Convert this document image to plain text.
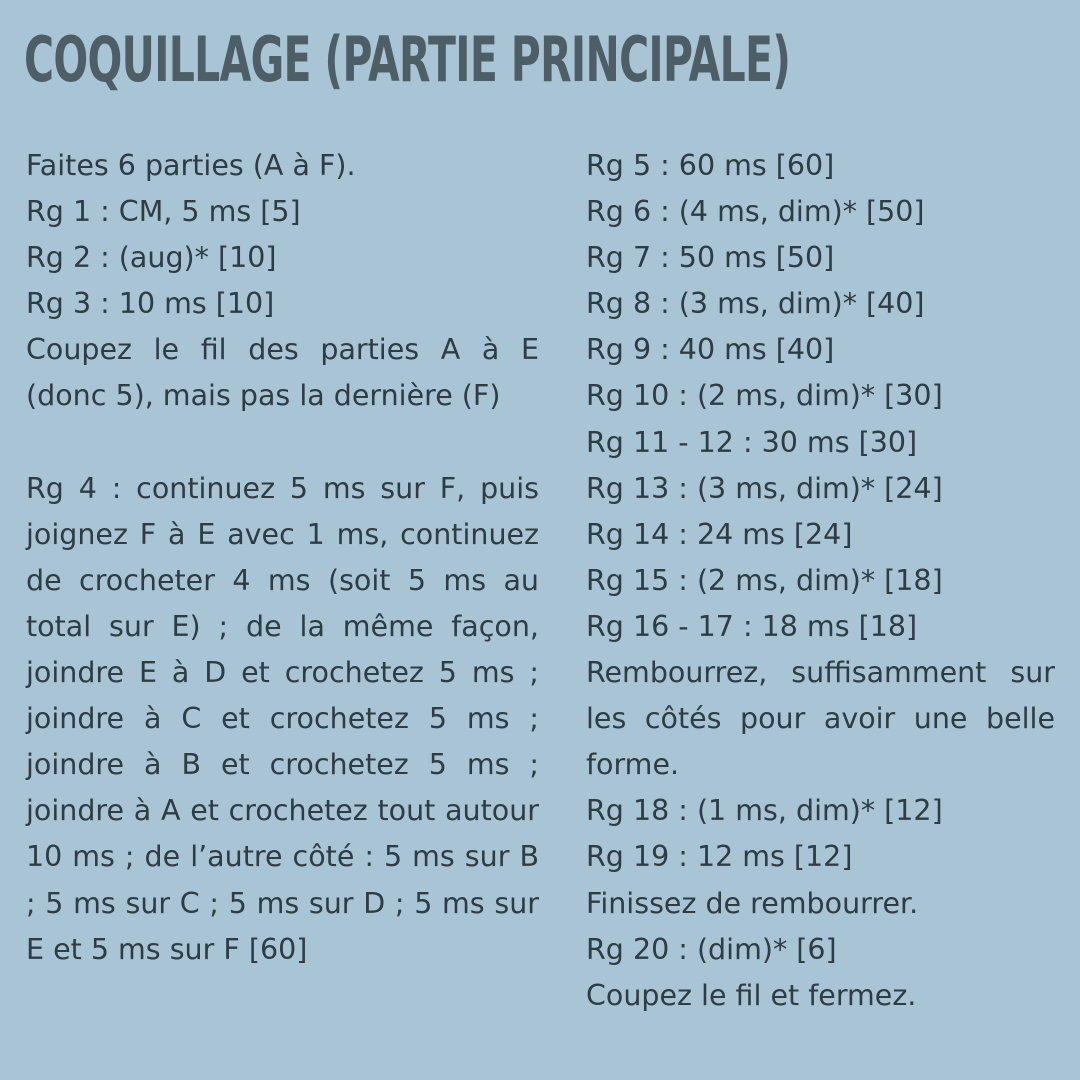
COQUILLAGE (PARTIE PRINCIPALE)
Faites 6 parties (A à F).
Rg 1 : CM, 5 ms [5]
Rg 2 : (aug)* [10]
Rg 3 : 10 ms [10]
Coupez le fil des parties A à E (donc 5), mais pas la dernière (F)
Rg 4 : continuez 5 ms sur F, puis joignez F à E avec 1 ms, continuez de crocheter 4 ms (soit 5 ms au total sur E) ; de la même façon, joindre E à D et crochetez 5 ms ; joindre à C et crochetez 5 ms ; joindre à B et crochetez 5 ms ; joindre à A et crochetez tout autour 10 ms ; de l’autre côté : 5 ms sur B ; 5 ms sur C ; 5 ms sur D ; 5 ms sur E et 5 ms sur F [60]
Rg 5 : 60 ms [60]
Rg 6 : (4 ms, dim)* [50]
Rg 7 : 50 ms [50]
Rg 8 : (3 ms, dim)* [40]
Rg 9 : 40 ms [40]
Rg 10 : (2 ms, dim)* [30]
Rg 11 - 12 : 30 ms [30]
Rg 13 : (3 ms, dim)* [24]
Rg 14 : 24 ms [24]
Rg 15 : (2 ms, dim)* [18]
Rg 16 - 17 : 18 ms [18]
Rembourrez, suffisamment sur les côtés pour avoir une belle forme.
Rg 18 : (1 ms, dim)* [12]
Rg 19 : 12 ms [12]
Finissez de rembourrer.
Rg 20 : (dim)* [6]
Coupez le fil et fermez.
